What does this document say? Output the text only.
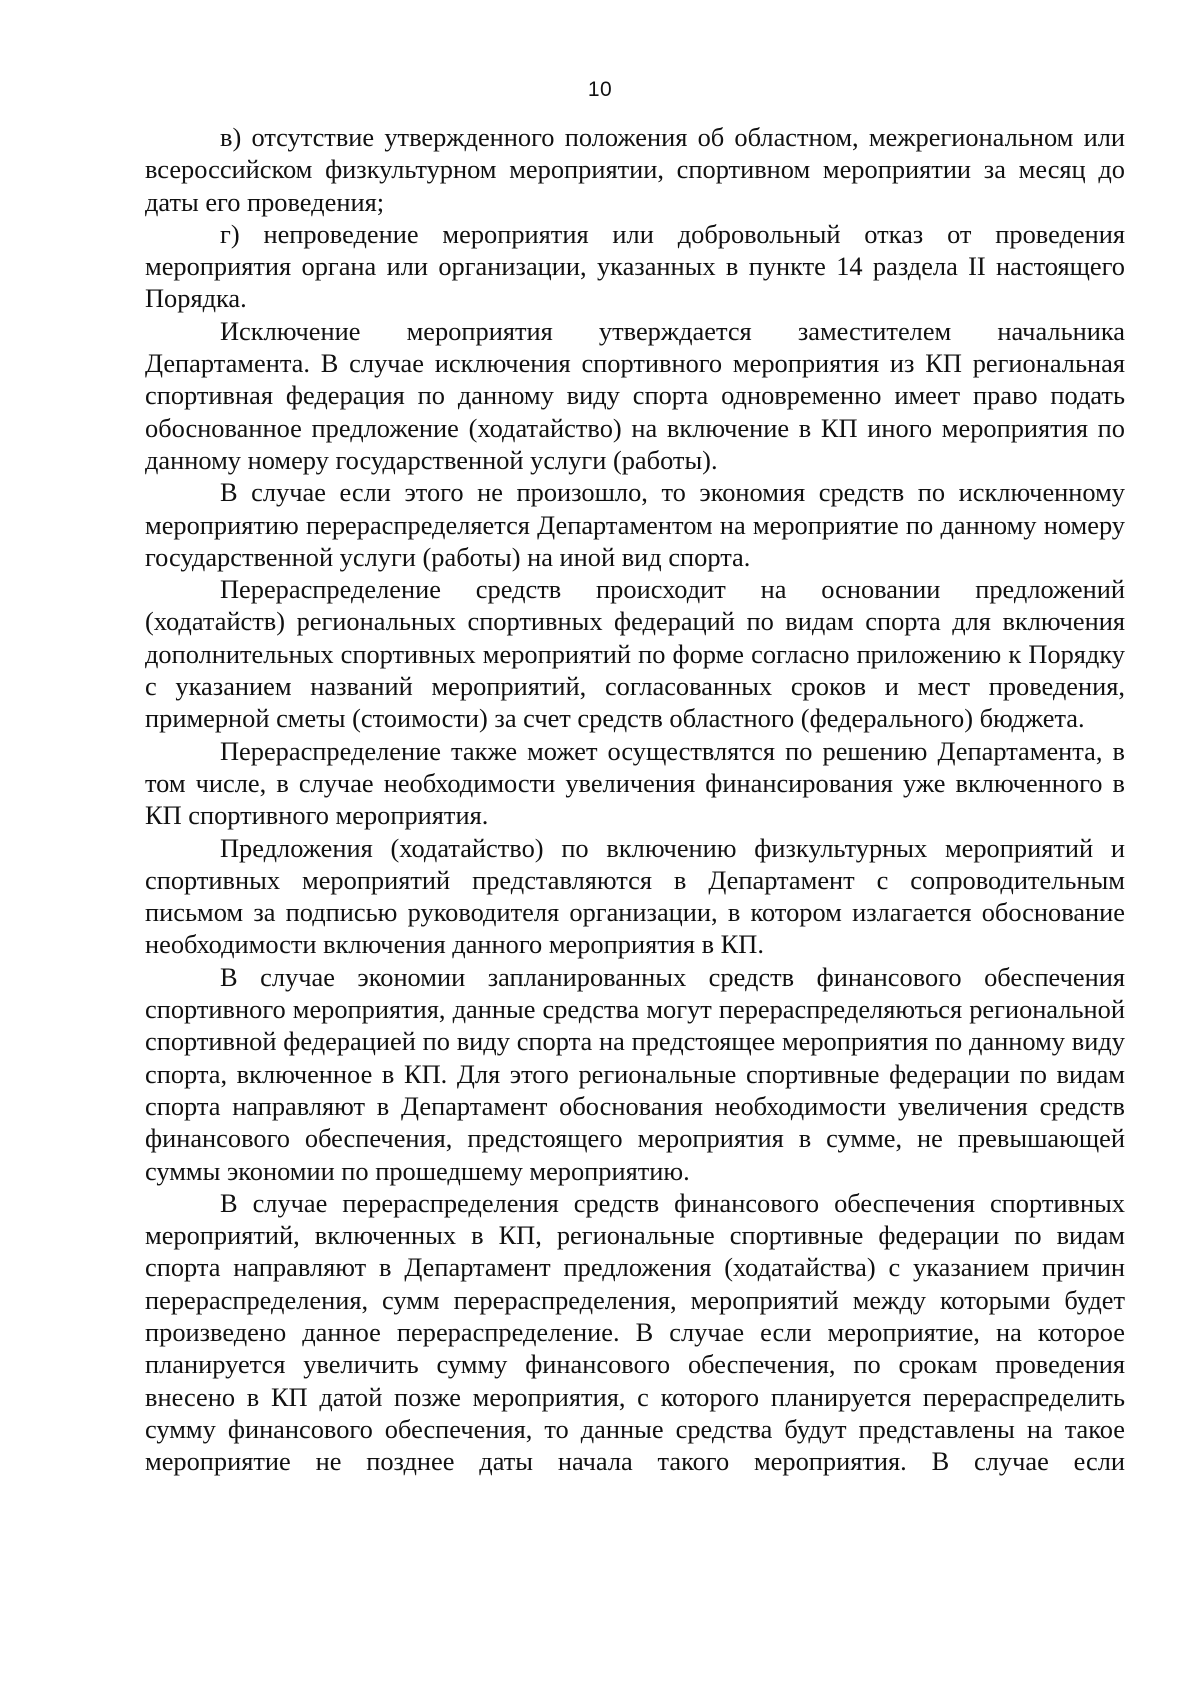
10

в) отсутствие утвержденного положения об областном, межрегиональном или всероссийском физкультурном мероприятии, спортивном мероприятии за месяц до даты его проведения;

г) непроведение мероприятия или добровольный отказ от проведения мероприятия органа или организации, указанных в пункте 14 раздела II настоящего Порядка.

Исключение мероприятия утверждается заместителем начальника Департамента. В случае исключения спортивного мероприятия из КП региональная спортивная федерация по данному виду спорта одновременно имеет право подать обоснованное предложение (ходатайство) на включение в КП иного мероприятия по данному номеру государственной услуги (работы).

В случае если этого не произошло, то экономия средств по исключенному мероприятию перераспределяется Департаментом на мероприятие по данному номеру государственной услуги (работы) на иной вид спорта.

Перераспределение средств происходит на основании предложений (ходатайств) региональных спортивных федераций по видам спорта для включения дополнительных спортивных мероприятий по форме согласно приложению к Порядку с указанием названий мероприятий, согласованных сроков и мест проведения, примерной сметы (стоимости) за счет средств областного (федерального) бюджета.

Перераспределение также может осуществлятся по решению Департамента, в том числе, в случае необходимости увеличения финансирования уже включенного в КП спортивного мероприятия.

Предложения (ходатайство) по включению физкультурных мероприятий и спортивных мероприятий представляются в Департамент с сопроводительным письмом за подписью руководителя организации, в котором излагается обоснование необходимости включения данного мероприятия в КП.

В случае экономии запланированных средств финансового обеспечения спортивного мероприятия, данные средства могут перераспределяються региональной спортивной федерацией по виду спорта на предстоящее мероприятия по данному виду спорта, включенное в КП. Для этого региональные спортивные федерации по видам спорта направляют в Департамент обоснования необходимости увеличения средств финансового обеспечения, предстоящего мероприятия в сумме, не превышающей суммы экономии по прошедшему мероприятию.

В случае перераспределения средств финансового обеспечения спортивных мероприятий, включенных в КП, региональные спортивные федерации по видам спорта направляют в Департамент предложения (ходатайства) с указанием причин перераспределения, сумм перераспределения, мероприятий между которыми будет произведено данное перераспределение. В случае если мероприятие, на которое планируется увеличить сумму финансового обеспечения, по срокам проведения внесено в КП датой позже мероприятия, с которого планируется перераспределить сумму финансового обеспечения, то данные средства будут представлены на такое мероприятие не позднее даты начала такого мероприятия. В случае если
